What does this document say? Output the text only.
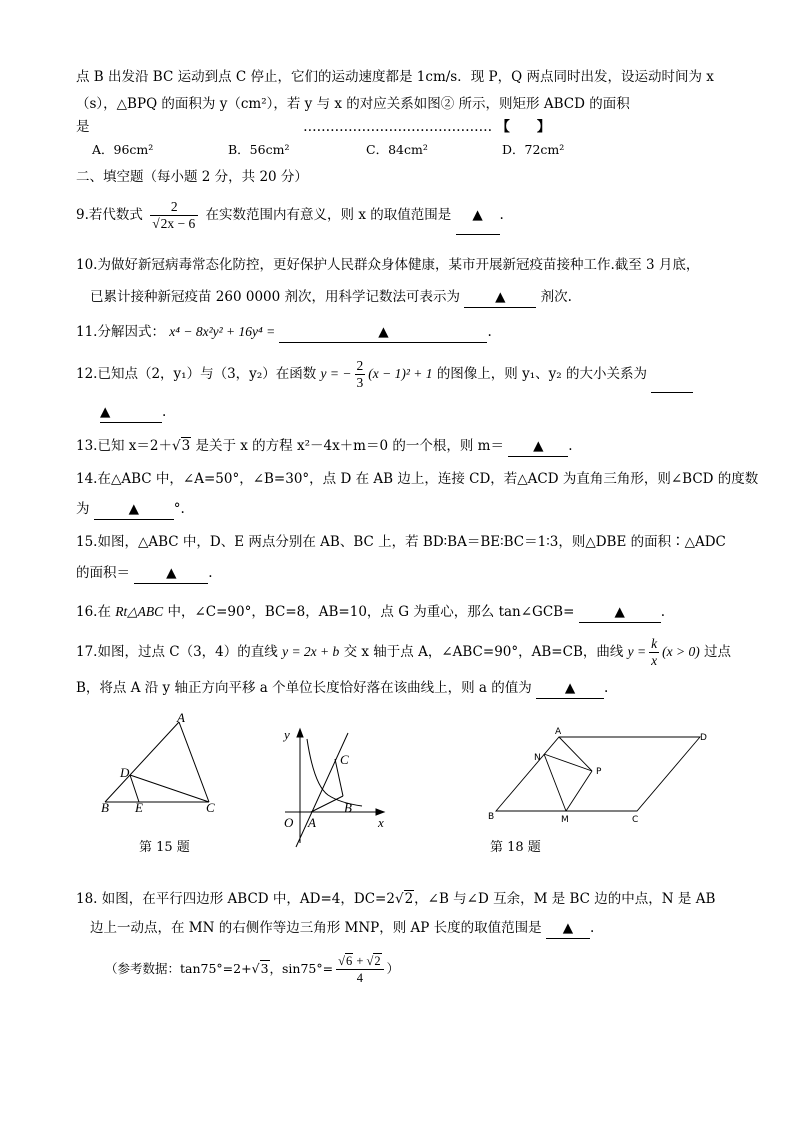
点 B 出发沿 BC 运动到点 C 停止，它们的运动速度都是 1cm/s．现 P，Q 两点同时出发，设运动时间为 x
（s），△BPQ 的面积为 y（cm²），若 y 与 x 的对应关系如图② 所示，则矩形 ABCD 的面积
是	…………………………………… 【　　】
A．96cm²	B．56cm²	C．84cm²	D．72cm²
二、填空题（每小题 2 分，共 20 分）
9.若代数式 $\frac{2}{√2x - 6}$ 在实数范围内有意义，则 x 的取值范围是 ▲ .
10.为做好新冠病毒常态化防控，更好保护人民群众身体健康，某市开展新冠疫苗接种工作.截至 3 月底，
已累计接种新冠疫苗 260 0000 剂次，用科学记数法可表示为	▲	剂次.
11.分解因式： x⁴ − 8x²y² + 16y⁴ =	▲	.
12.已知点（2，y₁）与（3，y₂）在函数 y = − $\frac{2}{3} (x - 1)^2 + 1$ 的图像上，则 y₁、y₂ 的大小关系为
▲	.
13.已知 x＝2＋√3 是关于 x 的方程 x²－4x＋m＝0 的一个根，则 m＝ ▲ .
14.在△ABC 中，∠A=50°，∠B=30°，点 D 在 AB 边上，连接 CD，若△ACD 为直角三角形，则∠BCD 的度数
为	▲	°.
15.如图，△ABC 中，D、E 两点分别在 AB、BC 上，若 BD∶BA＝BE∶BC＝1∶3，则△DBE 的面积∶△ADC
的面积＝	▲ .
16.在 Rt△ABC 中，∠C=90°，BC=8，AB=10，点 G 为重心，那么 tan∠GCB=	▲	.
17.如图，过点 C（3，4）的直线 y = 2x + b 交 x 轴于点 A，∠ABC=90°，AB=CB，曲线 $y = \frac{k}{x} (x > 0)$ 过点
B，将点 A 沿 y 轴正方向平移 a 个单位长度恰好落在该曲线上，则 a 的值为 ▲ .
A
D
B E	C
第 15 题
y
C
B
O A	x
A
D
N
P
B	M	C
第 18 题
18. 如图，在平行四边形 ABCD 中，AD=4，DC=2√2，∠B 与∠D 互余，M 是 BC 边的中点，N 是 AB
边上一动点，在 MN 的右侧作等边三角形 MNP，则 AP 长度的取值范围是 ▲ .
（参考数据：tan75°=2+√3，$\sin 75^\circ= \frac{√6 + √2}{4}$ ）
